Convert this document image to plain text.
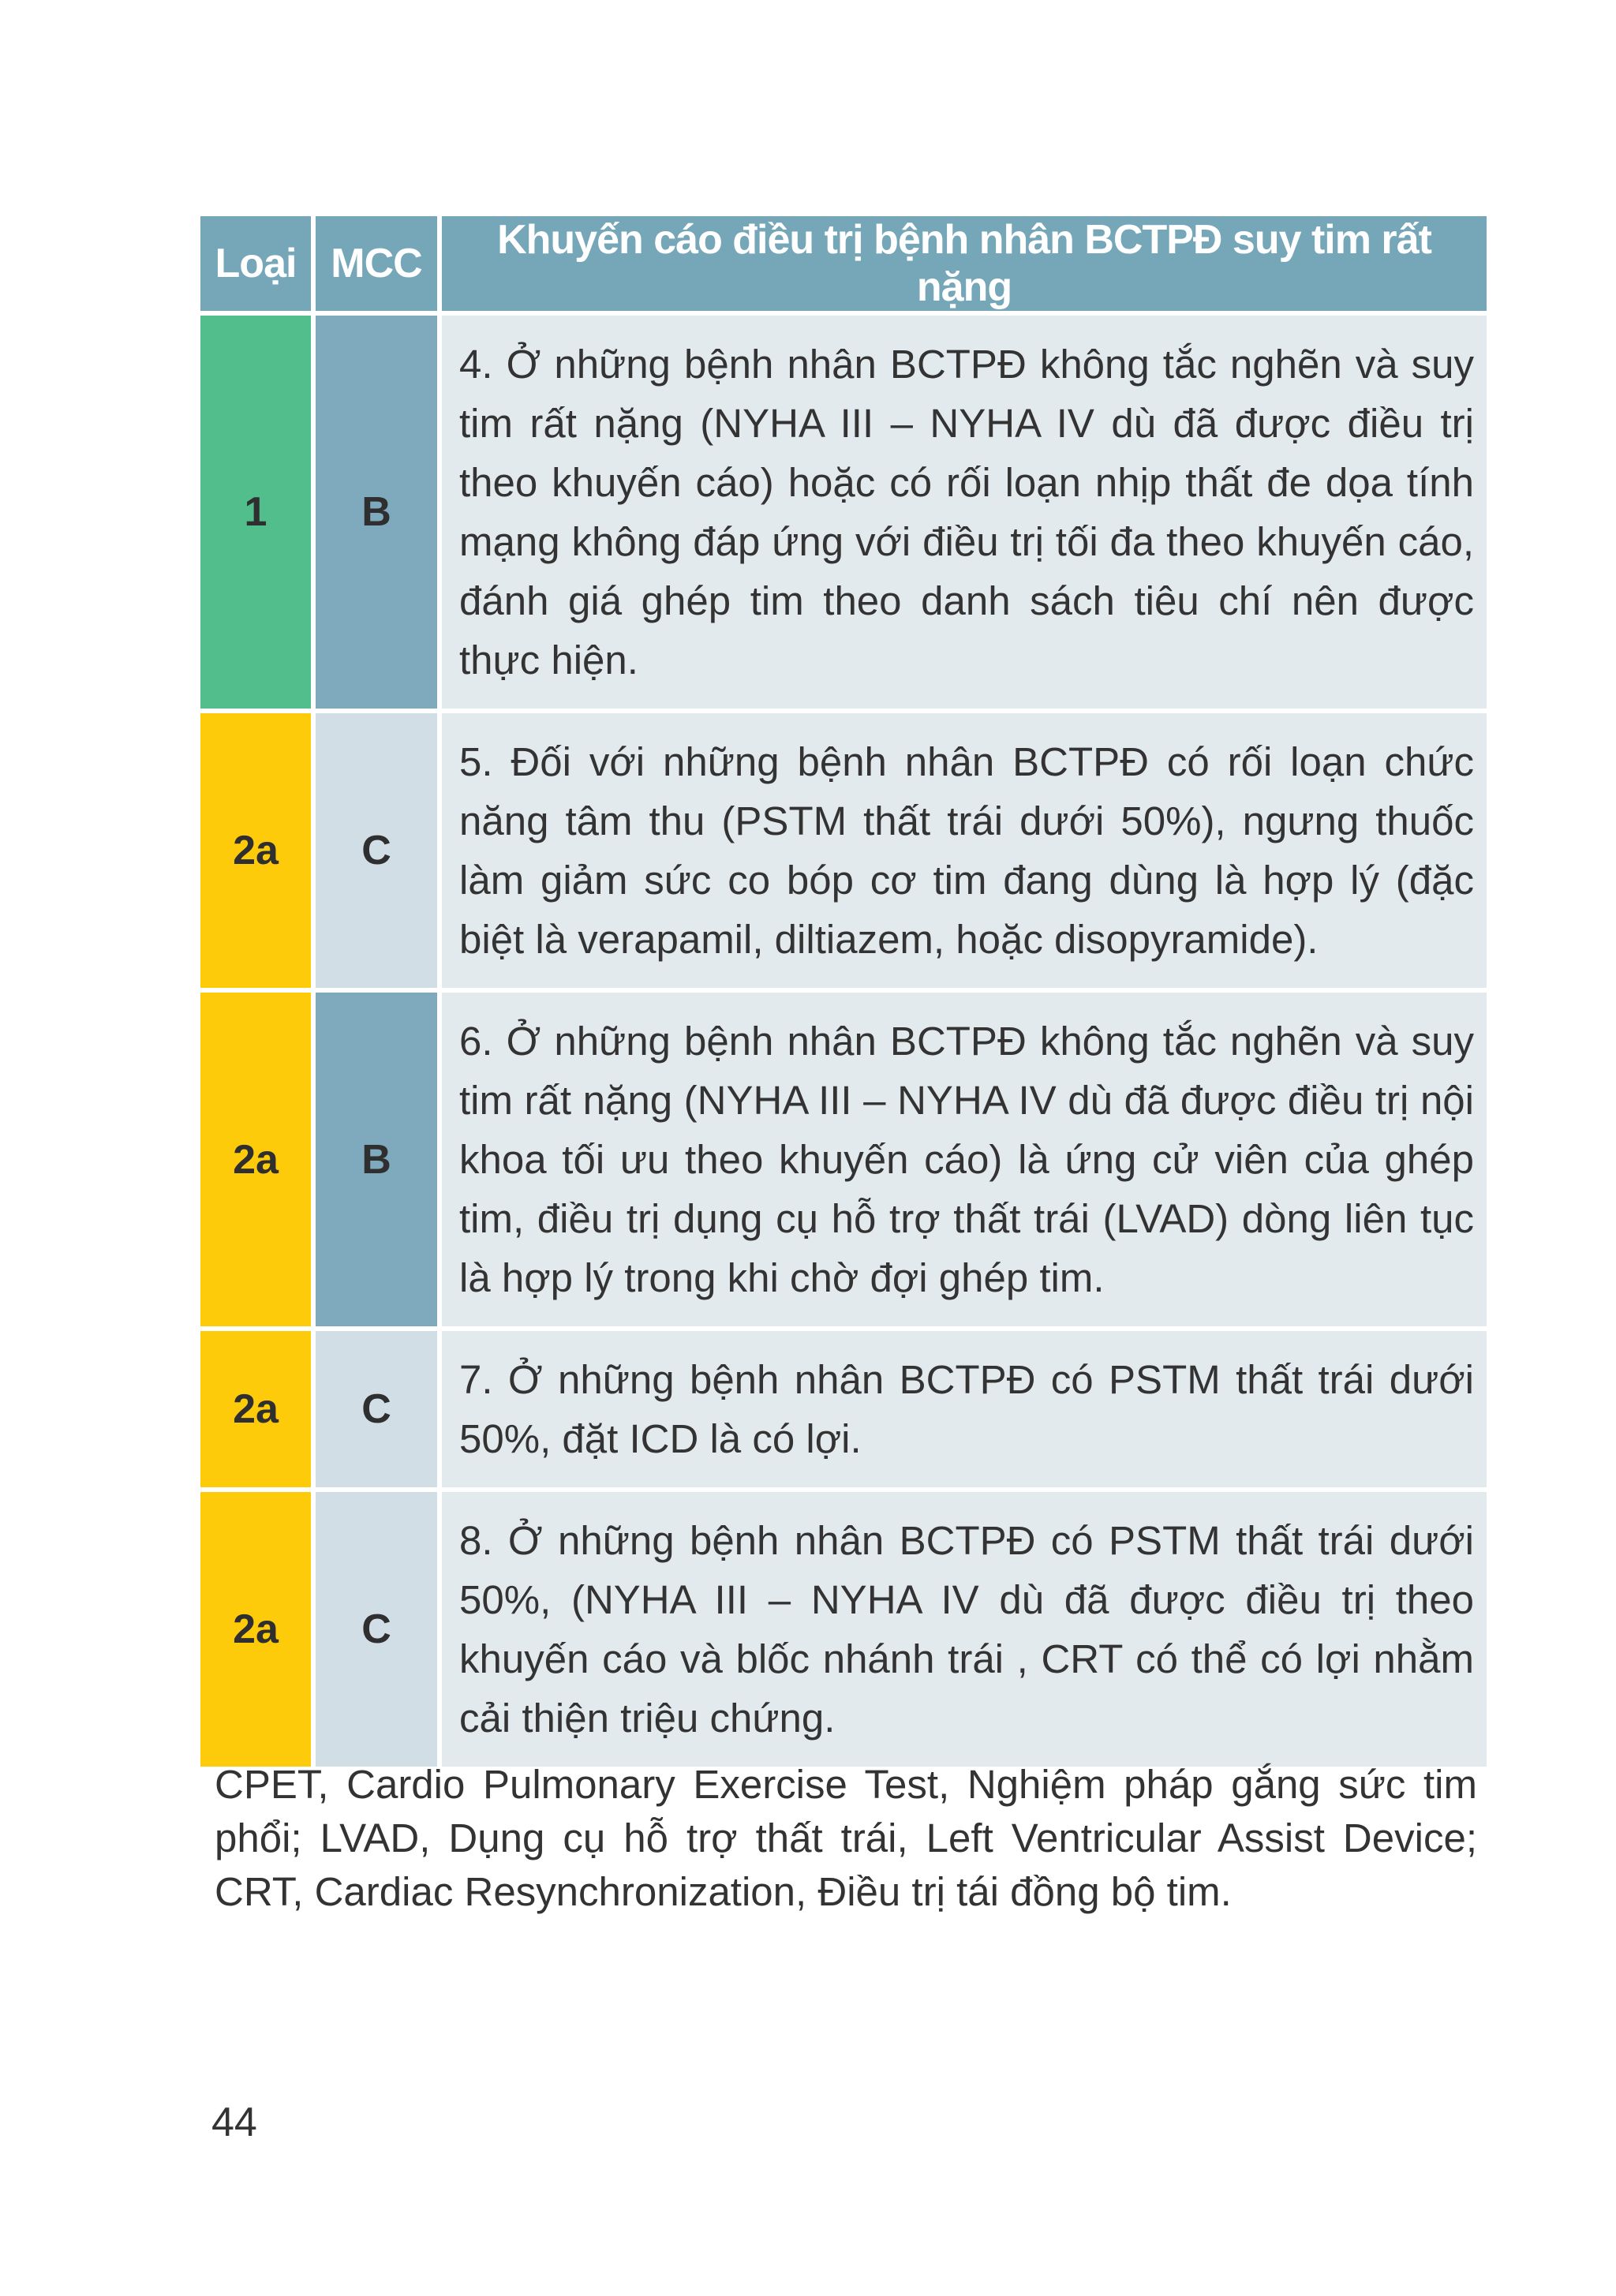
Loại	MCC	Khuyến cáo điều trị bệnh nhân BCTPĐ suy tim rất nặng
1	B	4. Ở những bệnh nhân BCTPĐ không tắc nghẽn và suy tim rất nặng (NYHA III – NYHA IV dù đã được điều trị theo khuyến cáo) hoặc có rối loạn nhịp thất đe dọa tính mạng không đáp ứng với điều trị tối đa theo khuyến cáo, đánh giá ghép tim theo danh sách tiêu chí nên được thực hiện.
2a	C	5. Đối với những bệnh nhân BCTPĐ có rối loạn chức năng tâm thu (PSTM thất trái dưới 50%), ngưng thuốc làm giảm sức co bóp cơ tim đang dùng là hợp lý (đặc biệt là verapamil, diltiazem, hoặc disopyramide).
2a	B	6. Ở những bệnh nhân BCTPĐ không tắc nghẽn và suy tim rất nặng (NYHA III – NYHA IV dù đã được điều trị nội khoa tối ưu theo khuyến cáo) là ứng cử viên của ghép tim, điều trị dụng cụ hỗ trợ thất trái (LVAD) dòng liên tục là hợp lý trong khi chờ đợi ghép tim.
2a	C	7. Ở những bệnh nhân BCTPĐ có PSTM thất trái dưới 50%, đặt ICD là có lợi.
2a	C	8. Ở những bệnh nhân BCTPĐ có PSTM thất trái dưới 50%, (NYHA III – NYHA IV dù đã được điều trị theo khuyến cáo và blốc nhánh trái , CRT có thể có lợi nhằm cải thiện triệu chứng.
CPET, Cardio Pulmonary Exercise Test, Nghiệm pháp gắng sức tim phổi; LVAD, Dụng cụ hỗ trợ thất trái, Left Ventricular Assist Device; CRT, Cardiac Resynchronization, Điều trị tái đồng bộ tim.
44
